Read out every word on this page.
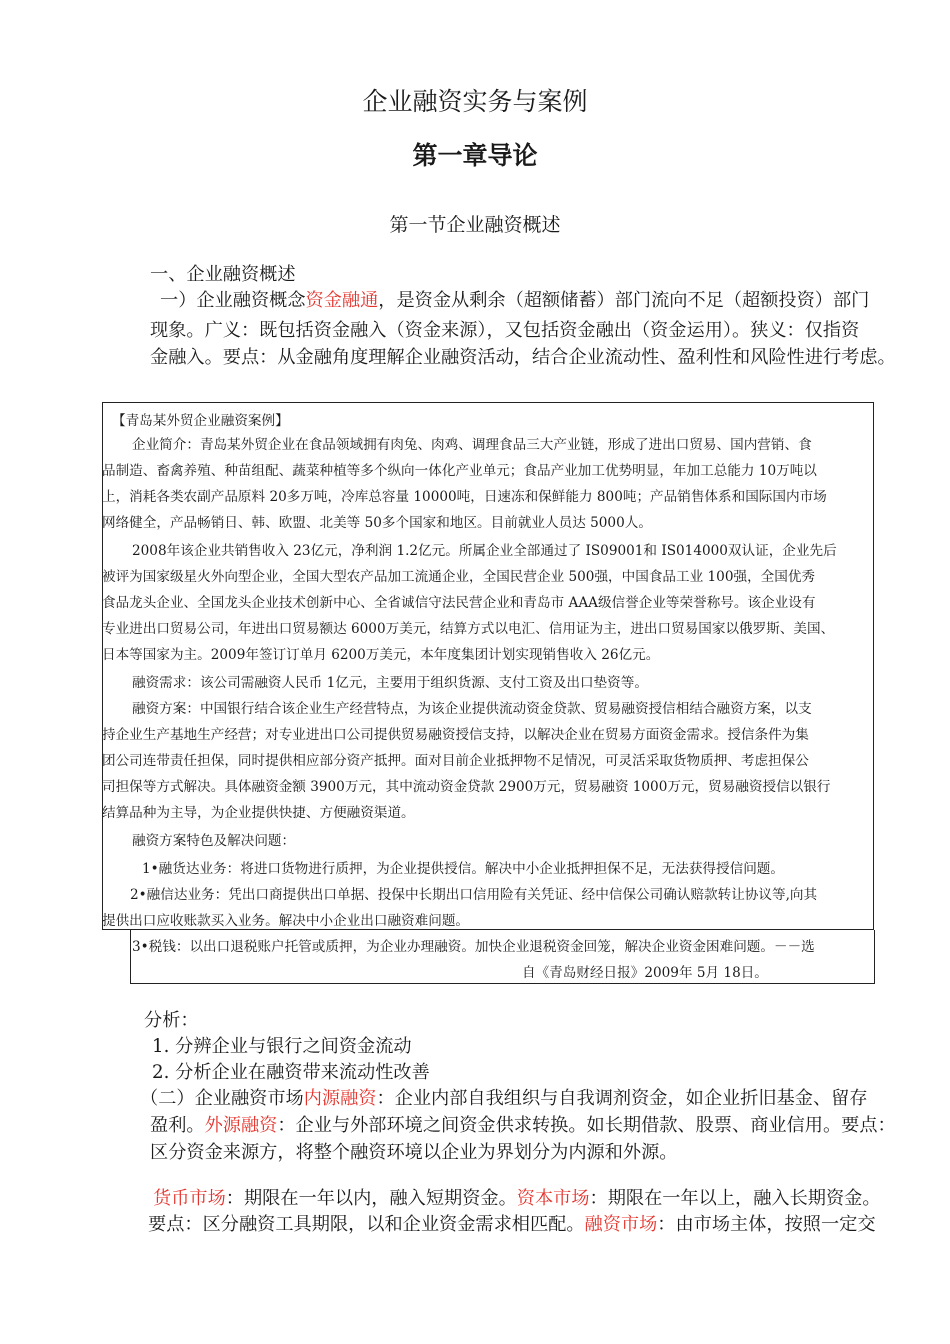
企业融资实务与案例
第一章导论
第一节企业融资概述
一、企业融资概述
一）企业融资概念资金融通，是资金从剩余（超额储蓄）部门流向不足（超额投资）部门
现象。广义：既包括资金融入（资金来源），又包括资金融出（资金运用）。狭义：仅指资
金融入。要点：从金融角度理解企业融资活动，结合企业流动性、盈利性和风险性进行考虑。
【青岛某外贸企业融资案例】
企业简介：青岛某外贸企业在食品领域拥有肉兔、肉鸡、调理食品三大产业链，形成了进出口贸易、国内营销、食
品制造、畜禽养殖、种苗组配、蔬菜种植等多个纵向一体化产业单元；食品产业加工优势明显，年加工总能力 10万吨以
上，消耗各类农副产品原料 20多万吨，冷库总容量 10000吨，日速冻和保鲜能力 800吨；产品销售体系和国际国内市场
网络健全，产品畅销日、韩、欧盟、北美等 50多个国家和地区。目前就业人员达 5000人。
2008年该企业共销售收入 23亿元，净利润 1.2亿元。所属企业全部通过了 IS09001和 IS014000双认证，企业先后
被评为国家级星火外向型企业，全国大型农产品加工流通企业，全国民营企业 500强，中国食品工业 100强，全国优秀
食品龙头企业、全国龙头企业技术创新中心、全省诚信守法民营企业和青岛市 AAA级信誉企业等荣誉称号。该企业设有
专业进出口贸易公司，年进出口贸易额达 6000万美元，结算方式以电汇、信用证为主，进出口贸易国家以俄罗斯、美国、
日本等国家为主。2009年签订订单月 6200万美元，本年度集团计划实现销售收入 26亿元。
融资需求：该公司需融资人民币 1亿元，主要用于组织货源、支付工资及出口垫资等。
融资方案：中国银行结合该企业生产经营特点，为该企业提供流动资金贷款、贸易融资授信相结合融资方案，以支
持企业生产基地生产经营；对专业进出口公司提供贸易融资授信支持，以解决企业在贸易方面资金需求。授信条件为集
团公司连带责任担保，同时提供相应部分资产抵押。面对目前企业抵押物不足情况，可灵活采取货物质押、考虑担保公
司担保等方式解决。具体融资金额 3900万元，其中流动资金贷款 2900万元，贸易融资 1000万元，贸易融资授信以银行
结算品种为主导，为企业提供快捷、方便融资渠道。
融资方案特色及解决问题：
1•融货达业务：将进口货物进行质押，为企业提供授信。解决中小企业抵押担保不足，无法获得授信问题。
2•融信达业务：凭出口商提供出口单据、投保中长期出口信用险有关凭证、经中信保公司确认赔款转让协议等,向其
提供出口应收账款买入业务。解决中小企业出口融资难问题。
3•税钱：以出口退税账户托管或质押，为企业办理融资。加快企业退税资金回笼，解决企业资金困难问题。－－选
自《青岛财经日报》2009年 5月 18日。
分析：
1. 分辨企业与银行之间资金流动
2. 分析企业在融资带来流动性改善
（二）企业融资市场内源融资：企业内部自我组织与自我调剂资金，如企业折旧基金、留存
盈利。外源融资：企业与外部环境之间资金供求转换。如长期借款、股票、商业信用。要点：
区分资金来源方，将整个融资环境以企业为界划分为内源和外源。
货币市场：期限在一年以内，融入短期资金。资本市场：期限在一年以上，融入长期资金。
要点：区分融资工具期限，以和企业资金需求相匹配。融资市场：由市场主体，按照一定交
